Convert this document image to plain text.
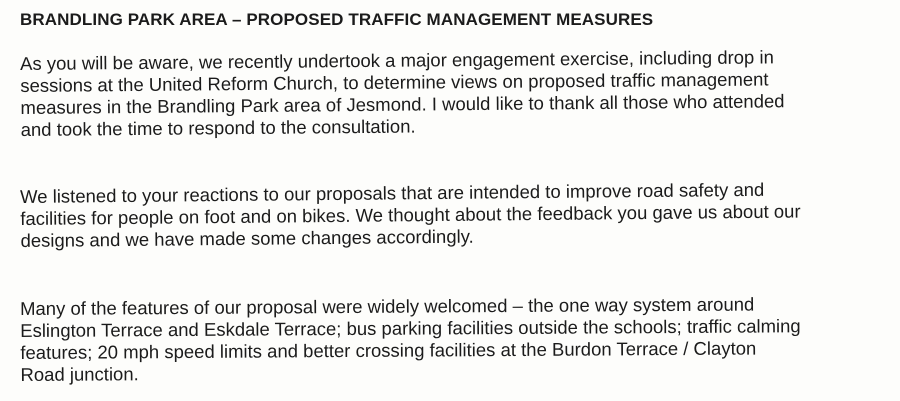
BRANDLING PARK AREA – PROPOSED TRAFFIC MANAGEMENT MEASURES
As you will be aware, we recently undertook a major engagement exercise, including drop in
sessions at the United Reform Church, to determine views on proposed traffic management
measures in the Brandling Park area of Jesmond. I would like to thank all those who attended
and took the time to respond to the consultation.
We listened to your reactions to our proposals that are intended to improve road safety and
facilities for people on foot and on bikes. We thought about the feedback you gave us about our
designs and we have made some changes accordingly.
Many of the features of our proposal were widely welcomed – the one way system around
Eslington Terrace and Eskdale Terrace; bus parking facilities outside the schools; traffic calming
features; 20 mph speed limits and better crossing facilities at the Burdon Terrace / Clayton
Road junction.
